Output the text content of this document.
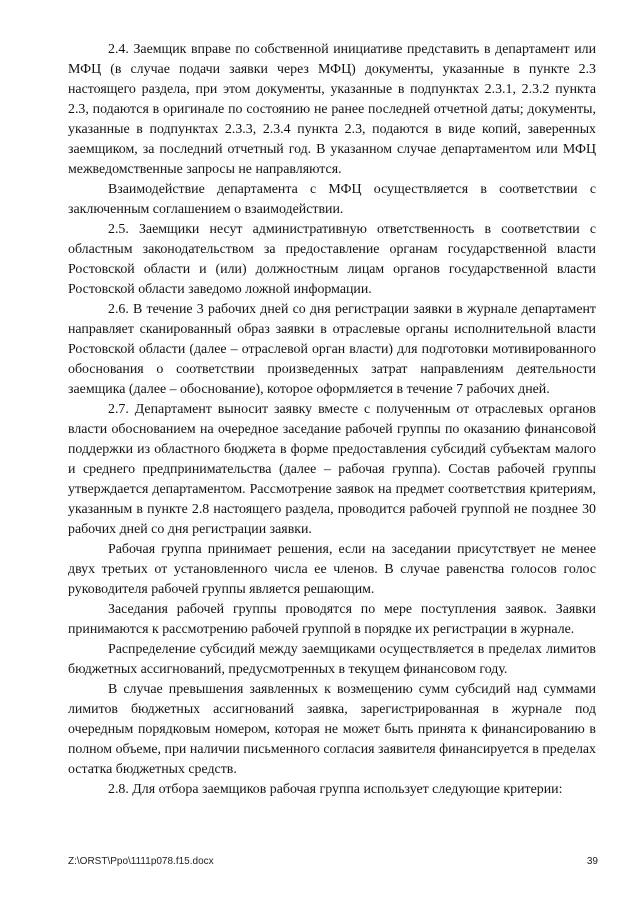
2.4. Заемщик вправе по собственной инициативе представить в департамент или МФЦ (в случае подачи заявки через МФЦ) документы, указанные в пункте 2.3 настоящего раздела, при этом документы, указанные в подпунктах 2.3.1, 2.3.2 пункта 2.3, подаются в оригинале по состоянию не ранее последней отчетной даты; документы, указанные в подпунктах 2.3.3, 2.3.4 пункта 2.3, подаются в виде копий, заверенных заемщиком, за последний отчетный год. В указанном случае департаментом или МФЦ межведомственные запросы не направляются.

Взаимодействие департамента с МФЦ осуществляется в соответствии с заключенным соглашением о взаимодействии.

2.5. Заемщики несут административную ответственность в соответствии с областным законодательством за предоставление органам государственной власти Ростовской области и (или) должностным лицам органов государственной власти Ростовской области заведомо ложной информации.

2.6. В течение 3 рабочих дней со дня регистрации заявки в журнале департамент направляет сканированный образ заявки в отраслевые органы исполнительной власти Ростовской области (далее – отраслевой орган власти) для подготовки мотивированного обоснования о соответствии произведенных затрат направлениям деятельности заемщика (далее – обоснование), которое оформляется в течение 7 рабочих дней.

2.7. Департамент выносит заявку вместе с полученным от отраслевых органов власти обоснованием на очередное заседание рабочей группы по оказанию финансовой поддержки из областного бюджета в форме предоставления субсидий субъектам малого и среднего предпринимательства (далее – рабочая группа). Состав рабочей группы утверждается департаментом. Рассмотрение заявок на предмет соответствия критериям, указанным в пункте 2.8 настоящего раздела, проводится рабочей группой не позднее 30 рабочих дней со дня регистрации заявки.

Рабочая группа принимает решения, если на заседании присутствует не менее двух третьих от установленного числа ее членов. В случае равенства голосов голос руководителя рабочей группы является решающим.

Заседания рабочей группы проводятся по мере поступления заявок. Заявки принимаются к рассмотрению рабочей группой в порядке их регистрации в журнале.

Распределение субсидий между заемщиками осуществляется в пределах лимитов бюджетных ассигнований, предусмотренных в текущем финансовом году.

В случае превышения заявленных к возмещению сумм субсидий над суммами лимитов бюджетных ассигнований заявка, зарегистрированная в журнале под очередным порядковым номером, которая не может быть принята к финансированию в полном объеме, при наличии письменного согласия заявителя финансируется в пределах остатка бюджетных средств.

2.8. Для отбора заемщиков рабочая группа использует следующие критерии:

Z:\ORST\Ppo\1111p078.f15.docx	39
